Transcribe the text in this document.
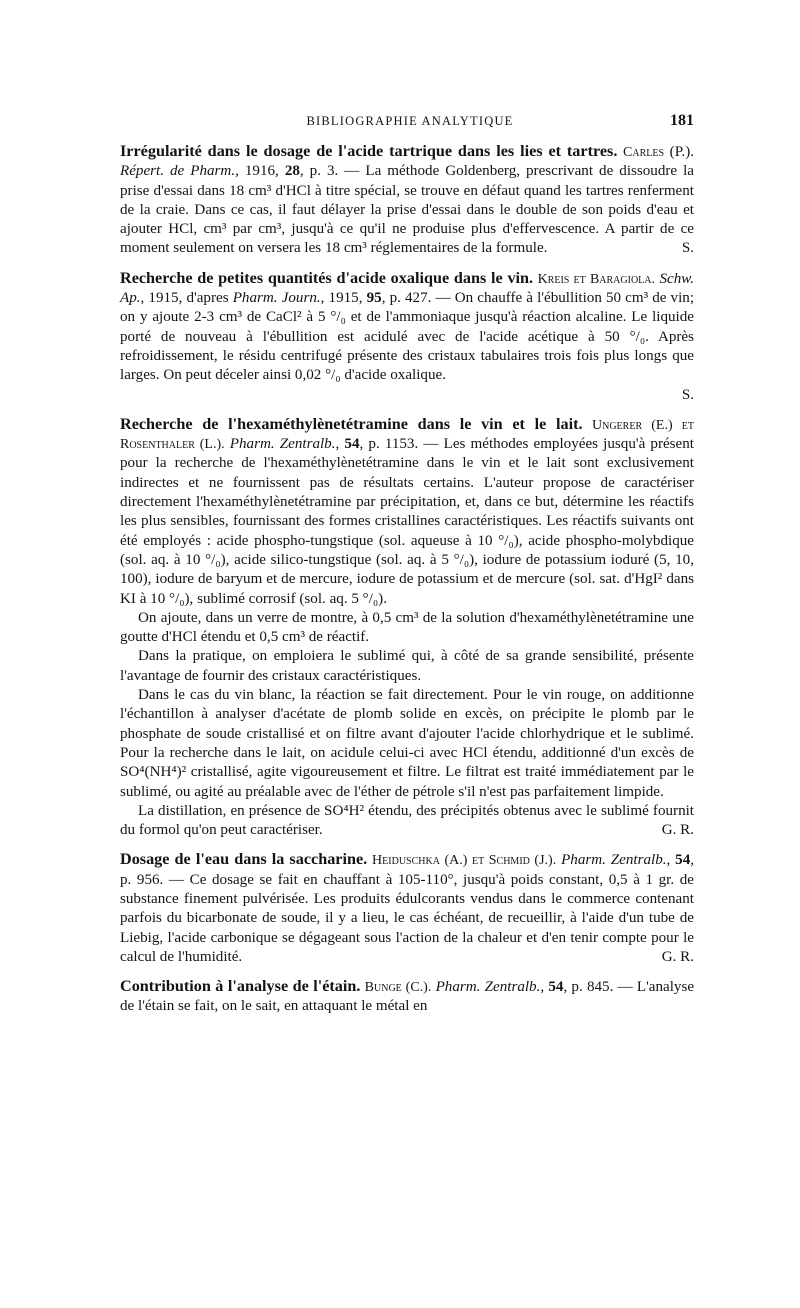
BIBLIOGRAPHIE ANALYTIQUE	181

Irrégularité dans le dosage de l'acide tartrique dans les lies et tartres. Carles (P.). Répert. de Pharm., 1916, 28, p. 3. — La méthode Goldenberg, prescrivant de dissoudre la prise d'essai dans 18 cm³ d'HCl à titre spécial, se trouve en défaut quand les tartres renferment de la craie. Dans ce cas, il faut délayer la prise d'essai dans le double de son poids d'eau et ajouter HCl, cm³ par cm³, jusqu'à ce qu'il ne produise plus d'effervescence. A partir de ce moment seulement on versera les 18 cm³ réglementaires de la formule.	S.

Recherche de petites quantités d'acide oxalique dans le vin. Kreis et Baragiola. Schw. Ap., 1915, d'apres Pharm. Journ., 1915, 95, p. 427. — On chauffe à l'ébullition 50 cm³ de vin; on y ajoute 2-3 cm³ de CaCl² à 5 °/₀ et de l'ammoniaque jusqu'à réaction alcaline. Le liquide porté de nouveau à l'ébullition est acidulé avec de l'acide acétique à 50 °/₀. Après refroidissement, le résidu centrifugé présente des cristaux tabulaires trois fois plus longs que larges. On peut déceler ainsi 0,02 °/₀ d'acide oxalique.

S.

Recherche de l'hexaméthylènetétramine dans le vin et le lait. Ungerer (E.) et Rosenthaler (L.). Pharm. Zentralb., 54, p. 1153. — Les méthodes employées jusqu'à présent pour la recherche de l'hexaméthylènetétramine dans le vin et le lait sont exclusivement indirectes et ne fournissent pas de résultats certains. L'auteur propose de caractériser directement l'hexaméthylènetétramine par précipitation, et, dans ce but, détermine les réactifs les plus sensibles, fournissant des formes cristallines caractéristiques. Les réactifs suivants ont été employés : acide phospho-tungstique (sol. aqueuse à 10 °/₀), acide phospho-molybdique (sol. aq. à 10 °/₀), acide silico-tungstique (sol. aq. à 5 °/₀), iodure de potassium ioduré (5, 10, 100), iodure de baryum et de mercure, iodure de potassium et de mercure (sol. sat. d'HgI² dans KI à 10 °/₀), sublimé corrosif (sol. aq. 5 °/₀).

On ajoute, dans un verre de montre, à 0,5 cm³ de la solution d'hexaméthylènetétramine une goutte d'HCl étendu et 0,5 cm³ de réactif.

Dans la pratique, on emploiera le sublimé qui, à côté de sa grande sensibilité, présente l'avantage de fournir des cristaux caractéristiques.

Dans le cas du vin blanc, la réaction se fait directement. Pour le vin rouge, on additionne l'échantillon à analyser d'acétate de plomb solide en excès, on précipite le plomb par le phosphate de soude cristallisé et on filtre avant d'ajouter l'acide chlorhydrique et le sublimé. Pour la recherche dans le lait, on acidule celui-ci avec HCl étendu, additionné d'un excès de SO⁴(NH⁴)² cristallisé, agite vigoureusement et filtre. Le filtrat est traité immédiatement par le sublimé, ou agité au préalable avec de l'éther de pétrole s'il n'est pas parfaitement limpide.

La distillation, en présence de SO⁴H² étendu, des précipités obtenus avec le sublimé fournit du formol qu'on peut caractériser.	G. R.

Dosage de l'eau dans la saccharine. Heiduschka (A.) et Schmid (J.). Pharm. Zentralb., 54, p. 956. — Ce dosage se fait en chauffant à 105-110°, jusqu'à poids constant, 0,5 à 1 gr. de substance finement pulvérisée. Les produits édulcorants vendus dans le commerce contenant parfois du bicarbonate de soude, il y a lieu, le cas échéant, de recueillir, à l'aide d'un tube de Liebig, l'acide carbonique se dégageant sous l'action de la chaleur et d'en tenir compte pour le calcul de l'humidité.	G. R.

Contribution à l'analyse de l'étain. Bunge (C.). Pharm. Zentralb., 54, p. 845. — L'analyse de l'étain se fait, on le sait, en attaquant le métal en
